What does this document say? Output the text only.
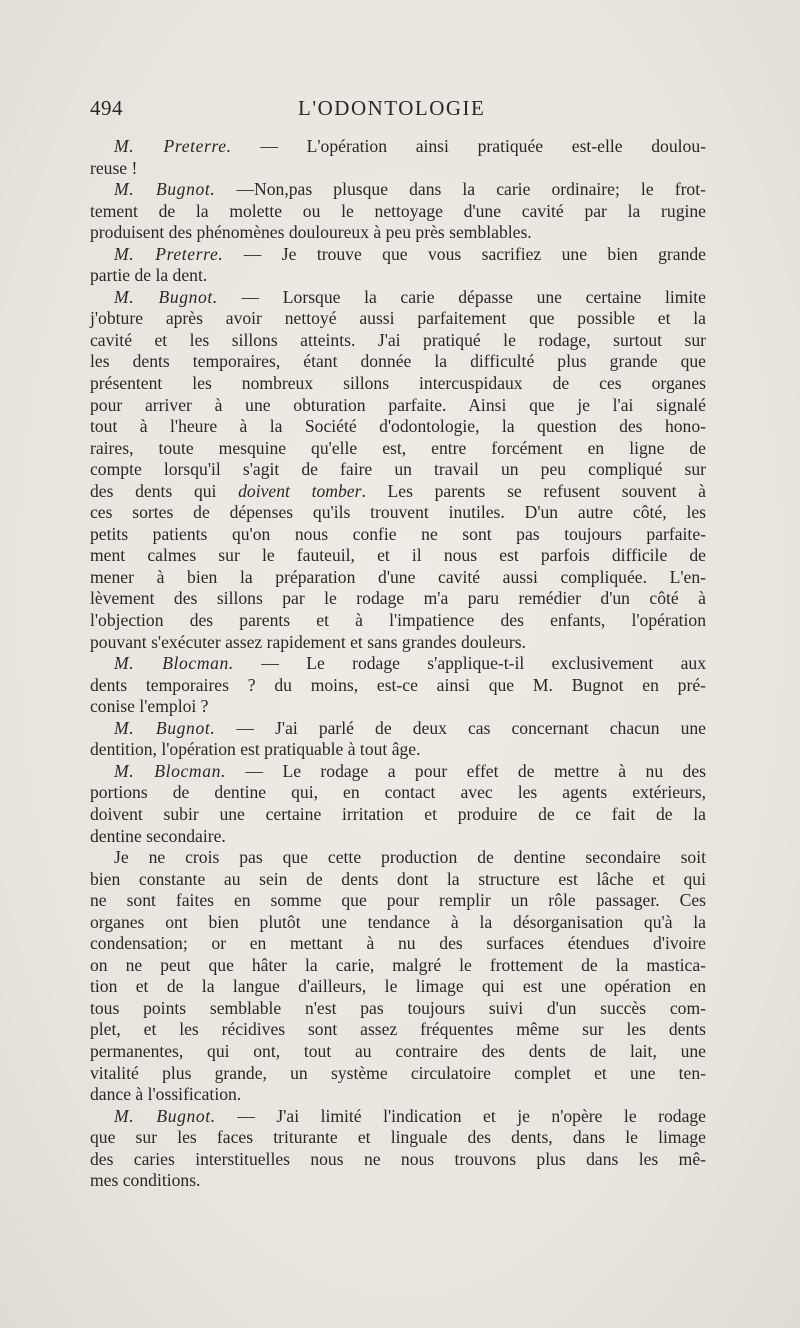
494	L'ODONTOLOGIE
M. Preterre. — L'opération ainsi pratiquée est-elle doulou-
reuse !
M. Bugnot. —Non,pas plusque dans la carie ordinaire; le frot-
tement de la molette ou le nettoyage d'une cavité par la rugine
produisent des phénomènes douloureux à peu près semblables.
M. Preterre. — Je trouve que vous sacrifiez une bien grande
partie de la dent.
M. Bugnot. — Lorsque la carie dépasse une certaine limite
j'obture après avoir nettoyé aussi parfaitement que possible et la
cavité et les sillons atteints. J'ai pratiqué le rodage, surtout sur
les dents temporaires, étant donnée la difficulté plus grande que
présentent les nombreux sillons intercuspidaux de ces organes
pour arriver à une obturation parfaite. Ainsi que je l'ai signalé
tout à l'heure à la Société d'odontologie, la question des hono-
raires, toute mesquine qu'elle est, entre forcément en ligne de
compte lorsqu'il s'agit de faire un travail un peu compliqué sur
des dents qui doivent tomber. Les parents se refusent souvent à
ces sortes de dépenses qu'ils trouvent inutiles. D'un autre côté, les
petits patients qu'on nous confie ne sont pas toujours parfaite-
ment calmes sur le fauteuil, et il nous est parfois difficile de
mener à bien la préparation d'une cavité aussi compliquée. L'en-
lèvement des sillons par le rodage m'a paru remédier d'un côté à
l'objection des parents et à l'impatience des enfants, l'opération
pouvant s'exécuter assez rapidement et sans grandes douleurs.
M. Blocman. — Le rodage s'applique-t-il exclusivement aux
dents temporaires ? du moins, est-ce ainsi que M. Bugnot en pré-
conise l'emploi ?
M. Bugnot. — J'ai parlé de deux cas concernant chacun une
dentition, l'opération est pratiquable à tout âge.
M. Blocman. — Le rodage a pour effet de mettre à nu des
portions de dentine qui, en contact avec les agents extérieurs,
doivent subir une certaine irritation et produire de ce fait de la
dentine secondaire.
Je ne crois pas que cette production de dentine secondaire soit
bien constante au sein de dents dont la structure est lâche et qui
ne sont faites en somme que pour remplir un rôle passager. Ces
organes ont bien plutôt une tendance à la désorganisation qu'à la
condensation; or en mettant à nu des surfaces étendues d'ivoire
on ne peut que hâter la carie, malgré le frottement de la mastica-
tion et de la langue d'ailleurs, le limage qui est une opération en
tous points semblable n'est pas toujours suivi d'un succès com-
plet, et les récidives sont assez fréquentes même sur les dents
permanentes, qui ont, tout au contraire des dents de lait, une
vitalité plus grande, un système circulatoire complet et une ten-
dance à l'ossification.
M. Bugnot. — J'ai limité l'indication et je n'opère le rodage
que sur les faces triturante et linguale des dents, dans le limage
des caries interstituelles nous ne nous trouvons plus dans les mê-
mes conditions.
